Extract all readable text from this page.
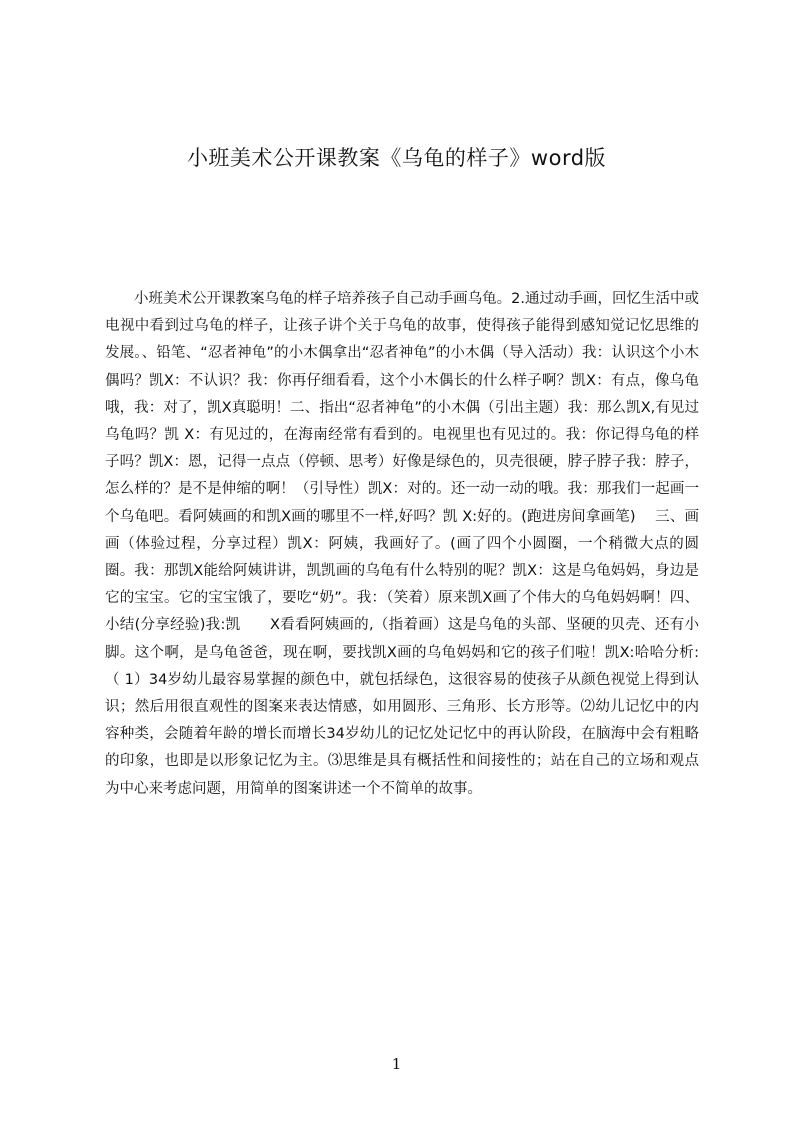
小班美术公开课教案《乌龟的样子》word版
小班美术公开课教案乌龟的样子培养孩子自己动手画乌龟。2.通过动手画，回忆生活中或电视中看到过乌龟的样子，让孩子讲个关于乌龟的故事，使得孩子能得到感知觉记忆思维的发展。、铅笔、“忍者神龟”的小木偶拿出“忍者神龟”的小木偶（导入活动）我：认识这个小木偶吗？凯X：不认识？我：你再仔细看看，这个小木偶长的什么样子啊？凯X：有点，像乌龟哦，我：对了，凯X真聪明！二、指出“忍者神龟”的小木偶（引出主题）我：那么凯X,有见过乌龟吗？凯 X：有见过的，在海南经常有看到的。电视里也有见过的。我：你记得乌龟的样子吗？凯X：恩，记得一点点（停顿、思考）好像是绿色的，贝壳很硬，脖子脖子我：脖子，怎么样的？是不是伸缩的啊！（引导性）凯X：对的。还一动一动的哦。我：那我们一起画一个乌龟吧。看阿姨画的和凯X画的哪里不一样,好吗？凯 X:好的。(跑进房间拿画笔)　 三、画画（体验过程，分享过程）凯X：阿姨，我画好了。(画了四个小圆圈，一个稍微大点的圆圈。我：那凯X能给阿姨讲讲，凯凯画的乌龟有什么特别的呢？凯X：这是乌龟妈妈，身边是它的宝宝。它的宝宝饿了，要吃“奶”。我：（笑着）原来凯X画了个伟大的乌龟妈妈啊！四、小结(分享经验)我:凯　　X看看阿姨画的,（指着画）这是乌龟的头部、坚硬的贝壳、还有小脚。这个啊，是乌龟爸爸，现在啊，要找凯X画的乌龟妈妈和它的孩子们啦！凯X:哈哈分析:（ 1）34岁幼儿最容易掌握的颜色中，就包括绿色，这很容易的使孩子从颜色视觉上得到认识；然后用很直观性的图案来表达情感，如用圆形、三角形、长方形等。⑵幼儿记忆中的内容种类，会随着年龄的增长而增长34岁幼儿的记忆处记忆中的再认阶段，在脑海中会有粗略的印象，也即是以形象记忆为主。⑶思维是具有概括性和间接性的；站在自己的立场和观点为中心来考虑问题，用简单的图案讲述一个不简单的故事。
1
